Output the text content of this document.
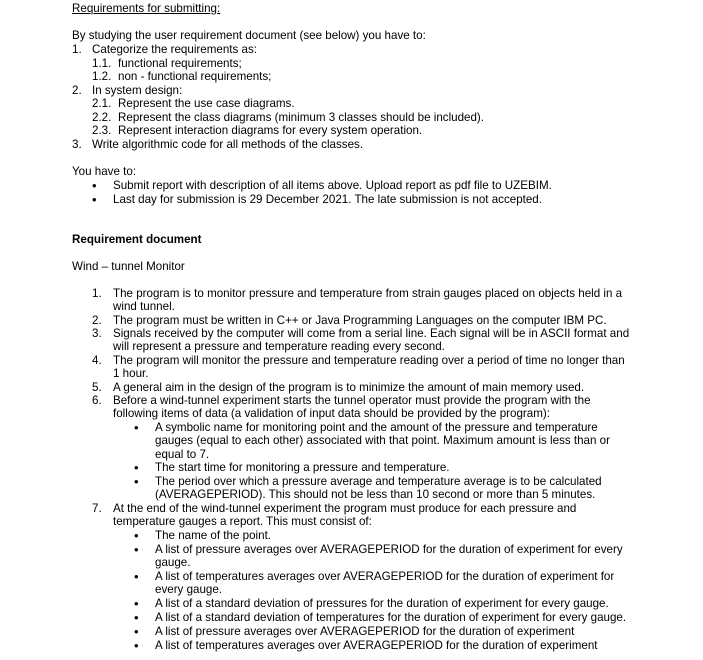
Requirements for submitting:
By studying the user requirement document (see below) you have to:
1. Categorize the requirements as:
1.1. functional requirements;
1.2. non - functional requirements;
2. In system design:
2.1. Represent the use case diagrams.
2.2. Represent the class diagrams (minimum 3 classes should be included).
2.3. Represent interaction diagrams for every system operation.
3. Write algorithmic code for all methods of the classes.
You have to:
• Submit report with description of all items above. Upload report as pdf file to UZEBIM.
• Last day for submission is 29 December 2021. The late submission is not accepted.
Requirement document
Wind – tunnel Monitor
1. The program is to monitor pressure and temperature from strain gauges placed on objects held in a
wind tunnel.
2. The program must be written in C++ or Java Programming Languages on the computer IBM PC.
3. Signals received by the computer will come from a serial line. Each signal will be in ASCII format and
will represent a pressure and temperature reading every second.
4. The program will monitor the pressure and temperature reading over a period of time no longer than
1 hour.
5. A general aim in the design of the program is to minimize the amount of main memory used.
6. Before a wind-tunnel experiment starts the tunnel operator must provide the program with the
following items of data (a validation of input data should be provided by the program):
• A symbolic name for monitoring point and the amount of the pressure and temperature
gauges (equal to each other) associated with that point. Maximum amount is less than or
equal to 7.
• The start time for monitoring a pressure and temperature.
• The period over which a pressure average and temperature average is to be calculated
(AVERAGEPERIOD). This should not be less than 10 second or more than 5 minutes.
7. At the end of the wind-tunnel experiment the program must produce for each pressure and
temperature gauges a report. This must consist of:
• The name of the point.
• A list of pressure averages over AVERAGEPERIOD for the duration of experiment for every
gauge.
• A list of temperatures averages over AVERAGEPERIOD for the duration of experiment for
every gauge.
• A list of a standard deviation of pressures for the duration of experiment for every gauge.
• A list of a standard deviation of temperatures for the duration of experiment for every gauge.
• A list of pressure averages over AVERAGEPERIOD for the duration of experiment
• A list of temperatures averages over AVERAGEPERIOD for the duration of experiment
